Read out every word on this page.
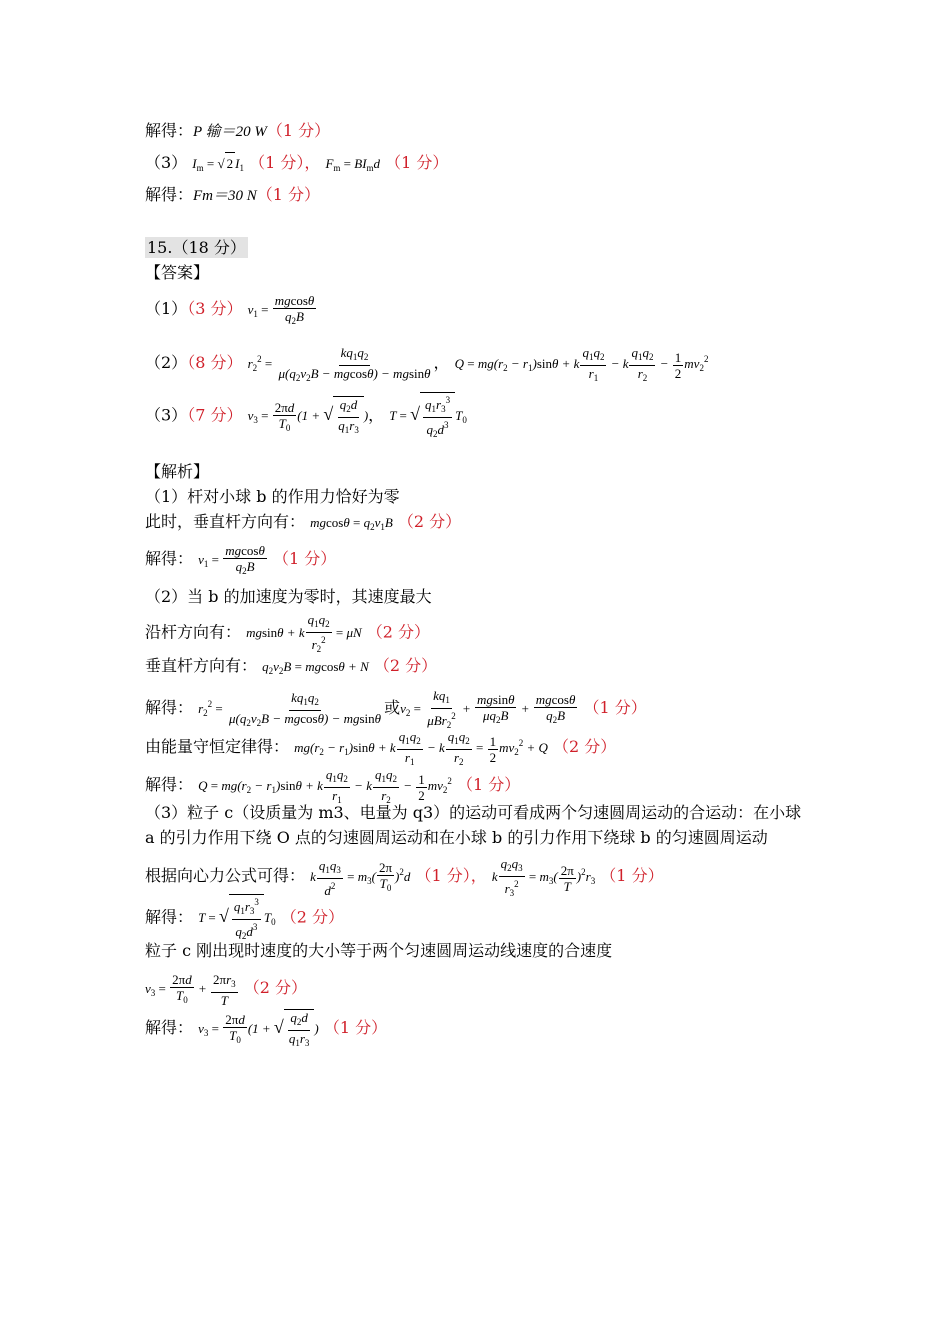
解得：P 输＝20 W（1 分）
（3） $I_m$ = √ 2 $I_1$ （1 分）， $F_m = BI_md$ （1 分）
解得：Fm＝30 N（1 分）
15.（18 分）
【答案】
（1）（3 分） $v_1 = \frac{mgcos\theta}{q_2B}$
（2）（8 分） $r_2^2 = \frac{kq_1q_2}{\mu(q_2v_2B - mgcos\theta) - mgsin\theta}$ ， $Q = mg(r_2 - r_1)\sin\theta + k \frac{q_1q_2}{r_1} - k \frac{q_1q_2}{r_2} - \frac{1}{2} mv_2^2$
（3）（7 分） $v_3 = \frac{2\pi d}{T_0} (1$ + √ $\frac{q_2d}{q_1r_3}$ )， T = √ $\frac{q_1r_3^3}{q_2d^3} T_0$
【解析】
（1）杆对小球 b 的作用力恰好为零
此时，垂直杆方向有： $mgcos\theta = q_2v_1B$ （2 分）
解得： $v_1 = \frac{mgcos\theta}{q_2B} (1$ 分）
（2）当 b 的加速度为零时，其速度最大
沿杆方向有： mgsinθ + k $\frac{q_1q_2}{r_2^2} = \mu N$ （2 分）
垂直杆方向有： $q_2v_2B = mgcos\theta + N$ （2 分）
解得： $r_2^2 = \frac{kq_1q_2}{\mu(q_2v_2B - mgcos\theta) - mgsin\theta}$ 或$v_2 = \frac{kq_1}{\mu Br_2^2} + \frac{mgsin\theta}{\mu q_2B} + \frac{mgcos\theta}{q_2B} (1$ 分）
由能量守恒定律得： $mg(r_2 - r_1)\sin\theta + k \frac{q_1q_2}{r_1} - k \frac{q_1q_2}{r_2} = \frac{1}{2} mv_2^2 + Q$ （2 分）
解得： $Q = mg(r_2 - r_1)\sin\theta + k \frac{q_1q_2}{r_1} - k \frac{q_1q_2}{r_2} - \frac{1}{2} mv_2^2$ （1 分）
（3）粒子 c（设质量为 m3、电量为 q3）的运动可看成两个匀速圆周运动的合运动：在小球
a 的引力作用下绕 O 点的匀速圆周运动和在小球 b 的引力作用下绕球 b 的匀速圆周运动
根据向心力公式可得： k $\frac{q_1q_3}{d^2} = m_3( \frac{2\pi}{T_0} )^2d$ （1 分）， k $\frac{q_2q_3}{r_3^2} = m_3( \frac{2\pi}{T} )^2r_3$ （1 分）
解得： T = √ $\frac{q_1r_3^3}{q_2d^3} T_0$ （2 分）
粒子 c 刚出现时速度的大小等于两个匀速圆周运动线速度的合速度
$v_3 = \frac{2\pi d}{T_0} + \frac{2\pi r_3}{T} (2$ 分）
解得： $v_3 = \frac{2\pi d}{T_0} (1$ + √ $\frac{q_2d}{q_1r_3}$ ) （1 分）
